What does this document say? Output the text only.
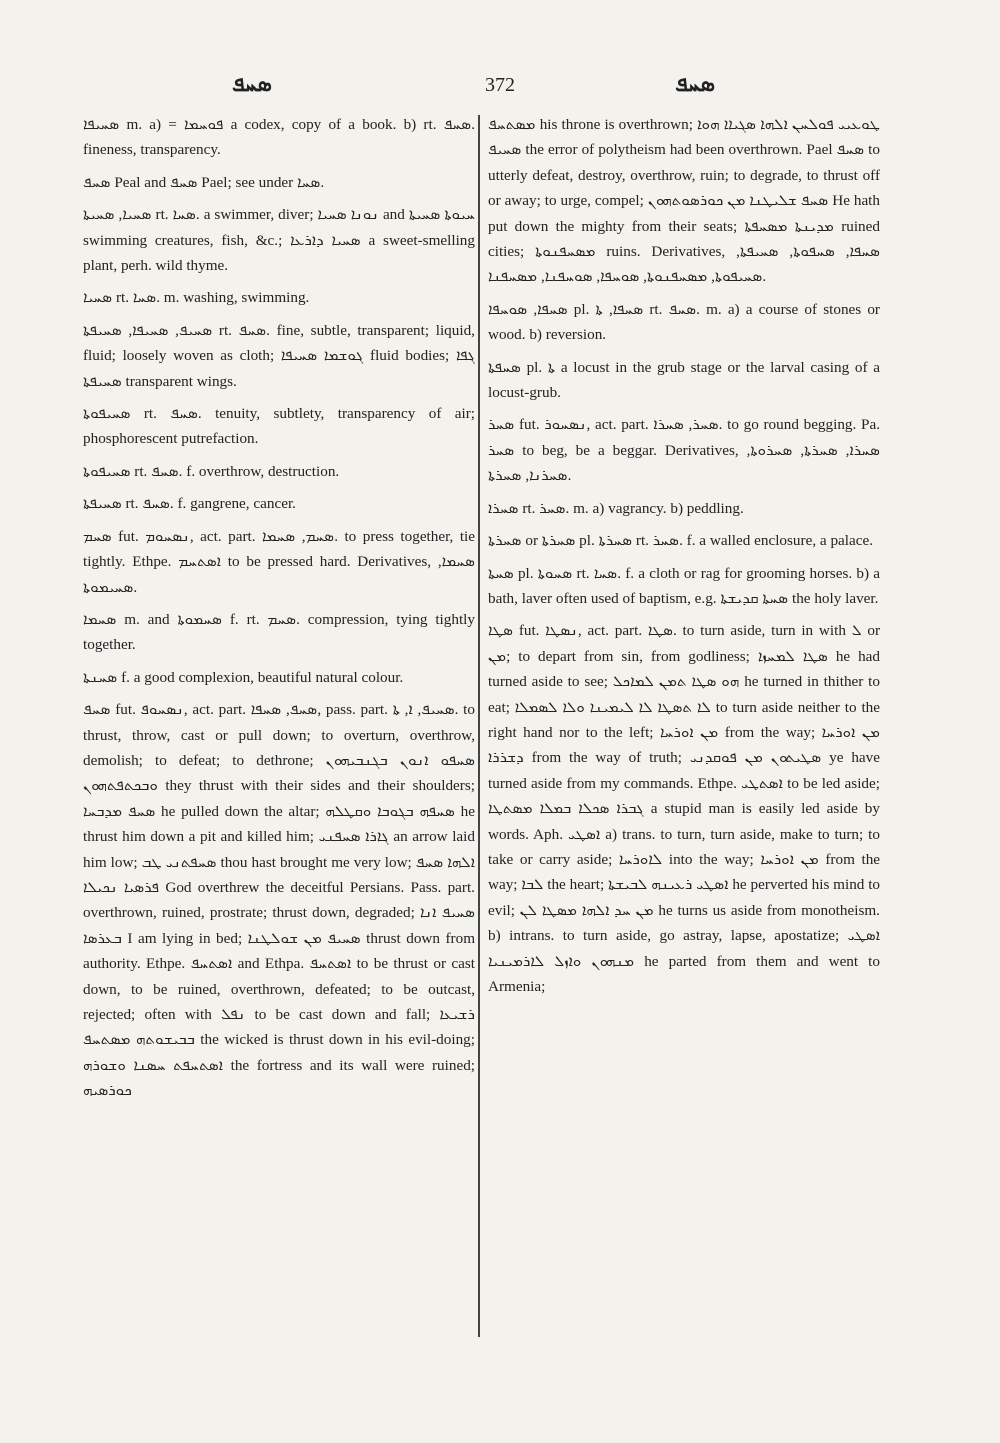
ܣܚܦ	372	ܣܚܦ

ܣܚܝܦܐ m. a) = ܦܘܚܡܐ a codex, copy of a book. b) rt. ܣܚܦ. fineness, transparency.

ܣܚܦ Peal and ܣܚܦ Pael; see under ܣܚܐ.

ܣܚܝܐ, ܣܚܝܬܐ rt. ܣܚܐ. a swimmer, diver; ܢܘܢܐ ܣܚܝܐ and ܚܝܘܬܐ ܣܚܝܬܐ swimming creatures, fish, &c.; ܣܚܝܐ ܕܐܪܥܐ a sweet-smelling plant, perh. wild thyme.

ܣܚܝܐ rt. ܣܚܐ. m. washing, swimming.

ܣܚܝܦ, ܣܚܝܦܐ, ܣܚܝܦܬܐ rt. ܣܚܦ. fine, subtle, transparent; liquid, fluid; loosely woven as cloth; ܓܘܫܡܐ ܣܚܝܦܐ fluid bodies; ܓܦܐ ܣܚܝܦܬܐ transparent wings.

ܣܚܝܦܘܬܐ rt. ܣܚܦ. tenuity, subtlety, transparency of air; phosphorescent putrefaction.

ܣܚܝܦܘܬܐ rt. ܣܚܦ. f. overthrow, destruction.

ܣܚܝܦܬܐ rt. ܣܚܦ. f. gangrene, cancer.

ܣܚܡ fut. ܢܣܚܘܡ, act. part. ܣܚܡ, ܣܚܡܐ. to press together, tie tightly. Ethpe. ܐܣܬܚܡ to be pressed hard. Derivatives, ܣܚܡܐ, ܣܚܝܡܘܬܐ.

ܣܚܡܐ m. and ܣܚܡܘܬܐ f. rt. ܣܚܡ. compression, tying tightly together.

ܣܚܢܬܐ f. a good complexion, beautiful natural colour.

ܣܚܦ fut. ܢܣܚܘܦ, act. part. ܣܚܦ, ܣܚܦܐ, pass. part. ܣܚܝܦ, ܐ, ܬܐ. to thrust, throw, cast or pull down; to overturn, overthrow, demolish; to defeat; to dethrone; ܣܚܦܘ ܐܢܘܢ ܒܓܢܒܝܗܘܢ ܘܒܟܬܦܬܗܘܢ they thrust with their sides and their shoulders; ܣܚܦ ܡܕܒܚܐ he pulled down the altar; ܣܚܦܗ ܒܓܘܒܐ ܘܩܛܠܗ he thrust him down a pit and killed him; ܓܐܪܐ ܣܚܦܢܝ an arrow laid him low; ܣܚܦܬܢܝ ܛܒ thou hast brought me very low; ܐܠܗܐ ܣܚܦ ܦܪܣܝܐ ܢܟܝܠܐ God overthrew the deceitful Persians. Pass. part. overthrown, ruined, prostrate; thrust down, degraded; ܣܚܝܦ ܐܢܐ ܒܥܪܣܐ I am lying in bed; ܣܚܝܦ ܡܢ ܫܘܠܛܢܐ thrust down from authority. Ethpe. ܐܣܬܚܦ and Ethpa. ܐܣܬܚܦ to be thrust or cast down, to be ruined, overthrown, defeated; to be outcast, rejected; often with ܢܦܠ to be cast down and fall; ܪܫܝܥܐ ܒܒܝܫܘܬܗ ܡܣܬܚܦ the wicked is thrust down in his evil-doing; ܐܣܬܚܦܬ ܚܣܢܐ ܘܫܘܪܗ the fortress and its wall were ruined; ܟܘܪܣܝܗ

ܡܣܬܚܦ his throne is overthrown; ܛܘܥܝܝ ܦܘܠܚܢ ܐܠܗܐ ܣܓܝܐܐ ܗܘܐ ܣܚܝܦ the error of polytheism had been overthrown. Pael ܣܚܦ to utterly defeat, destroy, overthrow, ruin; to degrade, to thrust off or away; to urge, compel; ܣܚܦ ܫܠܝܛܢܐ ܡܢ ܟܘܪܣܘܬܗܘܢ He hath put down the mighty from their seats; ܡܕܝܢܬܐ ܡܣܚܦܬܐ ruined cities; ܡܣܚܦܢܘܬܐ ruins. Derivatives, ܣܚܦܐ, ܣܚܦܘܬܐ, ܣܚܝܦܬܐ, ܣܚܝܦܘܬܐ, ܡܣܚܦܢܘܬܐ, ܣܘܚܦܐ, ܣܘܚܦܢܐ, ܡܣܚܦܢܐ.

ܣܚܦܐ, ܣܘܚܦܐ pl. ܣܚܦܐ, ܬܐ rt. ܣܚܦ. m. a) a course of stones or wood. b) reversion.

ܣܚܦܬܐ pl. ܬܐ a locust in the grub stage or the larval casing of a locust-grub.

ܣܚܪ fut. ܢܣܚܘܪ, act. part. ܣܚܪ, ܣܚܪܐ. to go round begging. Pa. ܣܚܪ to beg, be a beggar. Derivatives, ܣܚܪܐ, ܣܚܪܬܐ, ܣܚܪܘܬܐ, ܣܚܪܢܐ, ܣܚܪܬܐ.

ܣܚܪܐ rt. ܣܚܪ. m. a) vagrancy. b) peddling.

ܣܚܪܬܐ or ܣܚܪܬܐ pl. ܣܚܪܬܐ rt. ܣܚܪ. f. a walled enclosure, a palace.

ܣܚܬܐ pl. ܣܚܘܬܐ rt. ܣܚܐ. f. a cloth or rag for grooming horses. b) a bath, laver often used of baptism, e.g. ܣܚܬܐ ܩܕܝܫܬܐ the holy laver.

ܣܛܐ fut. ܢܣܛܐ, act. part. ܣܛܐ. to turn aside, turn in with ܠ or ܡܢ; to depart from sin, from godliness; ܣܛܐ ܠܡܚܙܐ he had turned aside to see; ܗܘ ܣܛܐ ܬܡܢ ܠܡܐܟܠ he turned in thither to eat; ܠܐ ܬܣܛܐ ܠܐ ܠܝܡܝܢܐ ܘܠܐ ܠܣܡܠܐ to turn aside neither to the right hand nor to the left; ܡܢ ܐܘܪܚܐ from the way; ܡܢ ܐܘܪܚܐ ܕܫܪܪܐ from the way of truth; ܣܛܝܬܘܢ ܡܢ ܦܘܩܕܢܝ ye have turned aside from my commands. Ethpe. ܐܣܬܛܝ to be led aside; ܓܒܪܐ ܣܟܠܐ ܒܡܠܐ ܡܣܬܛܐ a stupid man is easily led aside by words. Aph. ܐܣܛܝ a) trans. to turn, turn aside, make to turn; to take or carry aside; ܠܐܘܪܚܐ into the way; ܡܢ ܐܘܪܚܐ from the way; ܠܒܐ the heart; ܐܣܛܝ ܪܥܝܢܗ ܠܒܝܫܬܐ he perverted his mind to evil; ܡܢ ܚܕ ܐܠܗܐ ܡܣܛܐ ܠܢ he turns us aside from monotheism. b) intrans. to turn aside, go astray, lapse, apostatize; ܐܣܛܝ ܡܢܗܘܢ ܘܐܙܠ ܠܐܪܡܝܢܝܐ he parted from them and went to Armenia;
